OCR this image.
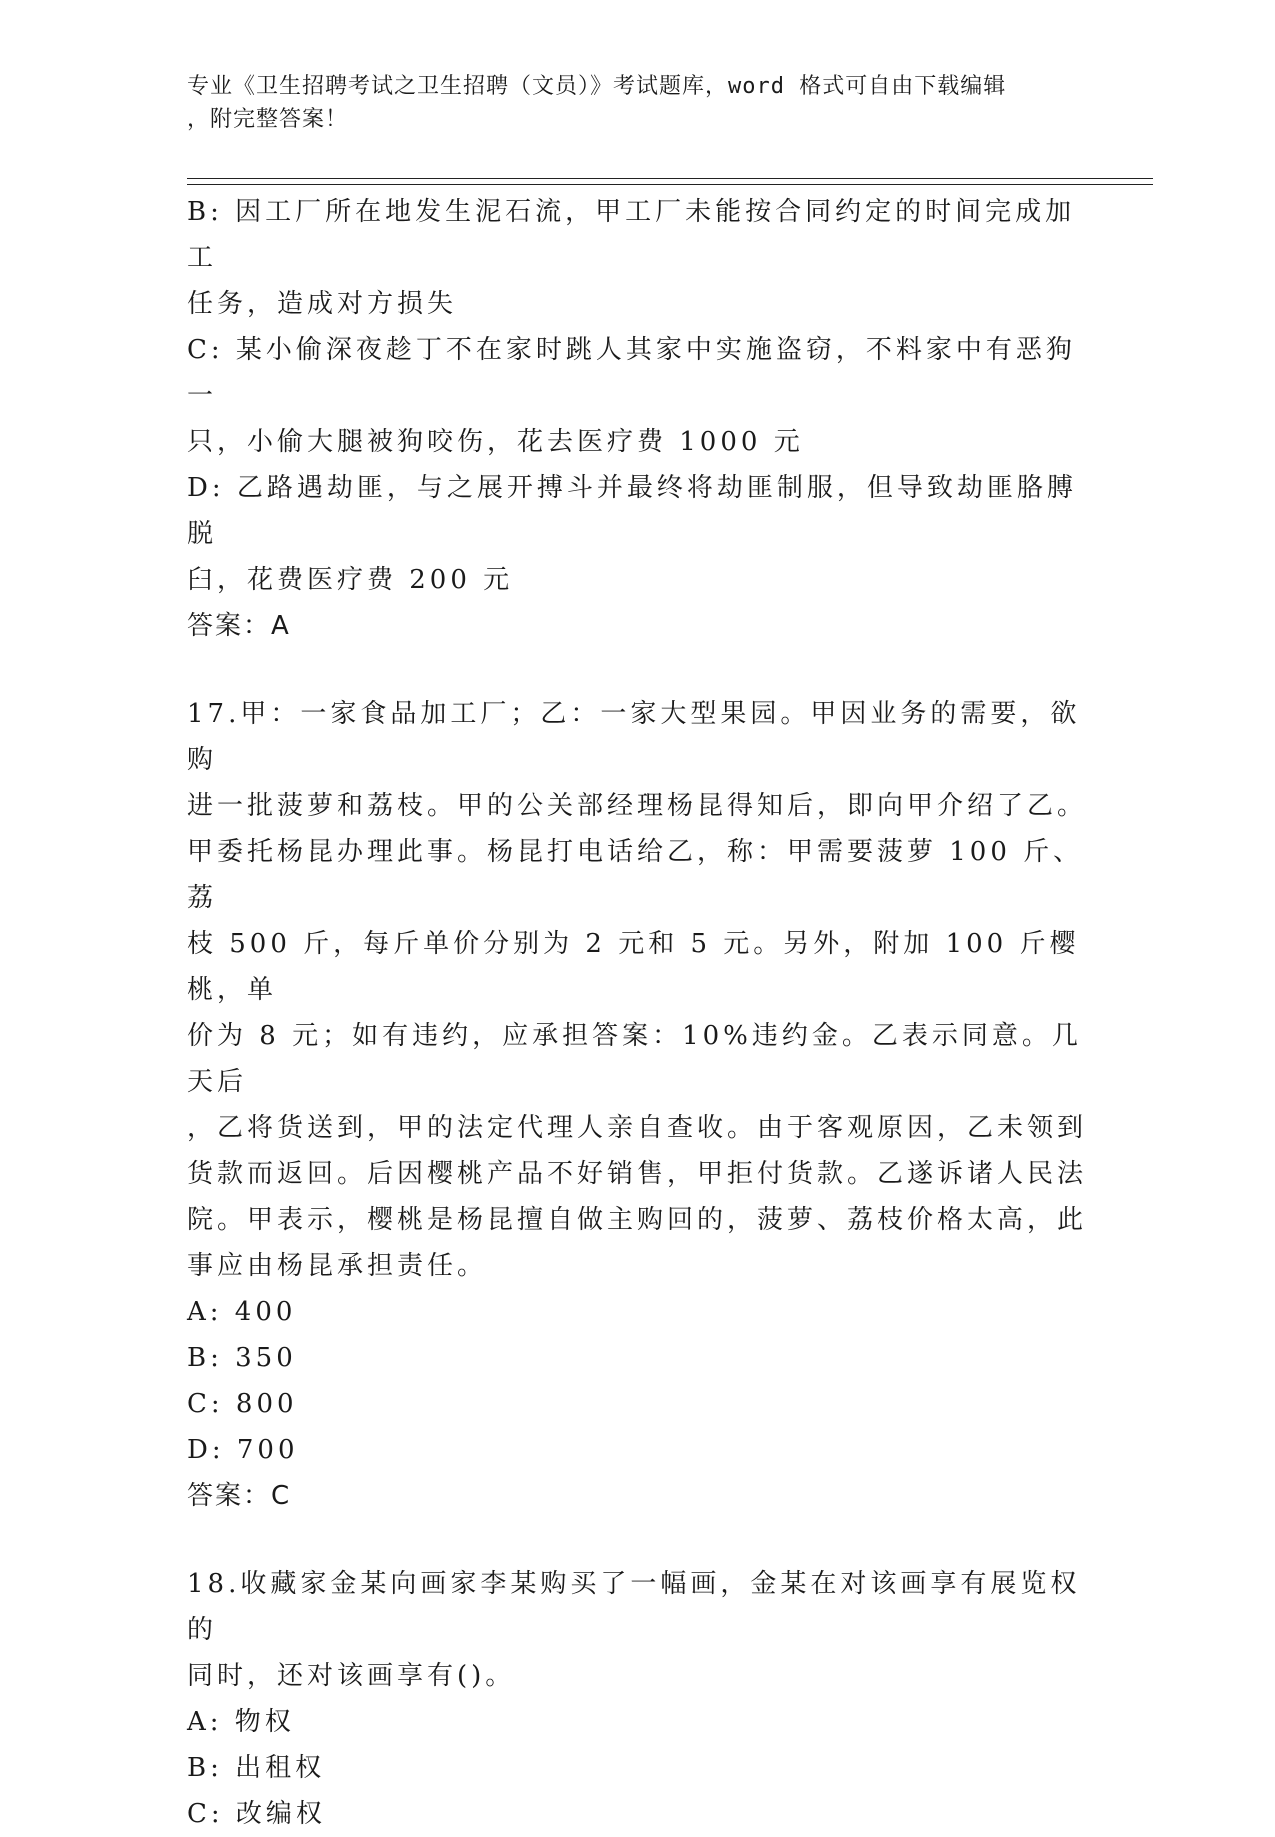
专业《卫生招聘考试之卫生招聘（文员）》考试题库，word 格式可自由下载编辑

，附完整答案！

B: 因工厂所在地发生泥石流，甲工厂未能按合同约定的时间完成加工

任务，造成对方损失

C: 某小偷深夜趁丁不在家时跳人其家中实施盗窃，不料家中有恶狗一

只，小偷大腿被狗咬伤，花去医疗费 1000 元

D: 乙路遇劫匪，与之展开搏斗并最终将劫匪制服，但导致劫匪胳膊脱

臼，花费医疗费 200 元

答案：A

17.甲：一家食品加工厂；乙：一家大型果园。甲因业务的需要，欲购

进一批菠萝和荔枝。甲的公关部经理杨昆得知后，即向甲介绍了乙。

甲委托杨昆办理此事。杨昆打电话给乙，称：甲需要菠萝 100 斤、荔

枝 500 斤，每斤单价分别为 2 元和 5 元。另外，附加 100 斤樱桃，单

价为 8 元；如有违约，应承担答案：10%违约金。乙表示同意。几天后

，乙将货送到，甲的法定代理人亲自查收。由于客观原因，乙未领到

货款而返回。后因樱桃产品不好销售，甲拒付货款。乙遂诉诸人民法

院。甲表示，樱桃是杨昆擅自做主购回的，菠萝、荔枝价格太高，此

事应由杨昆承担责任。

A: 400

B: 350

C: 800

D: 700

答案：C

18.收藏家金某向画家李某购买了一幅画，金某在对该画享有展览权的

同时，还对该画享有()。

A: 物权

B: 出租权

C: 改编权
